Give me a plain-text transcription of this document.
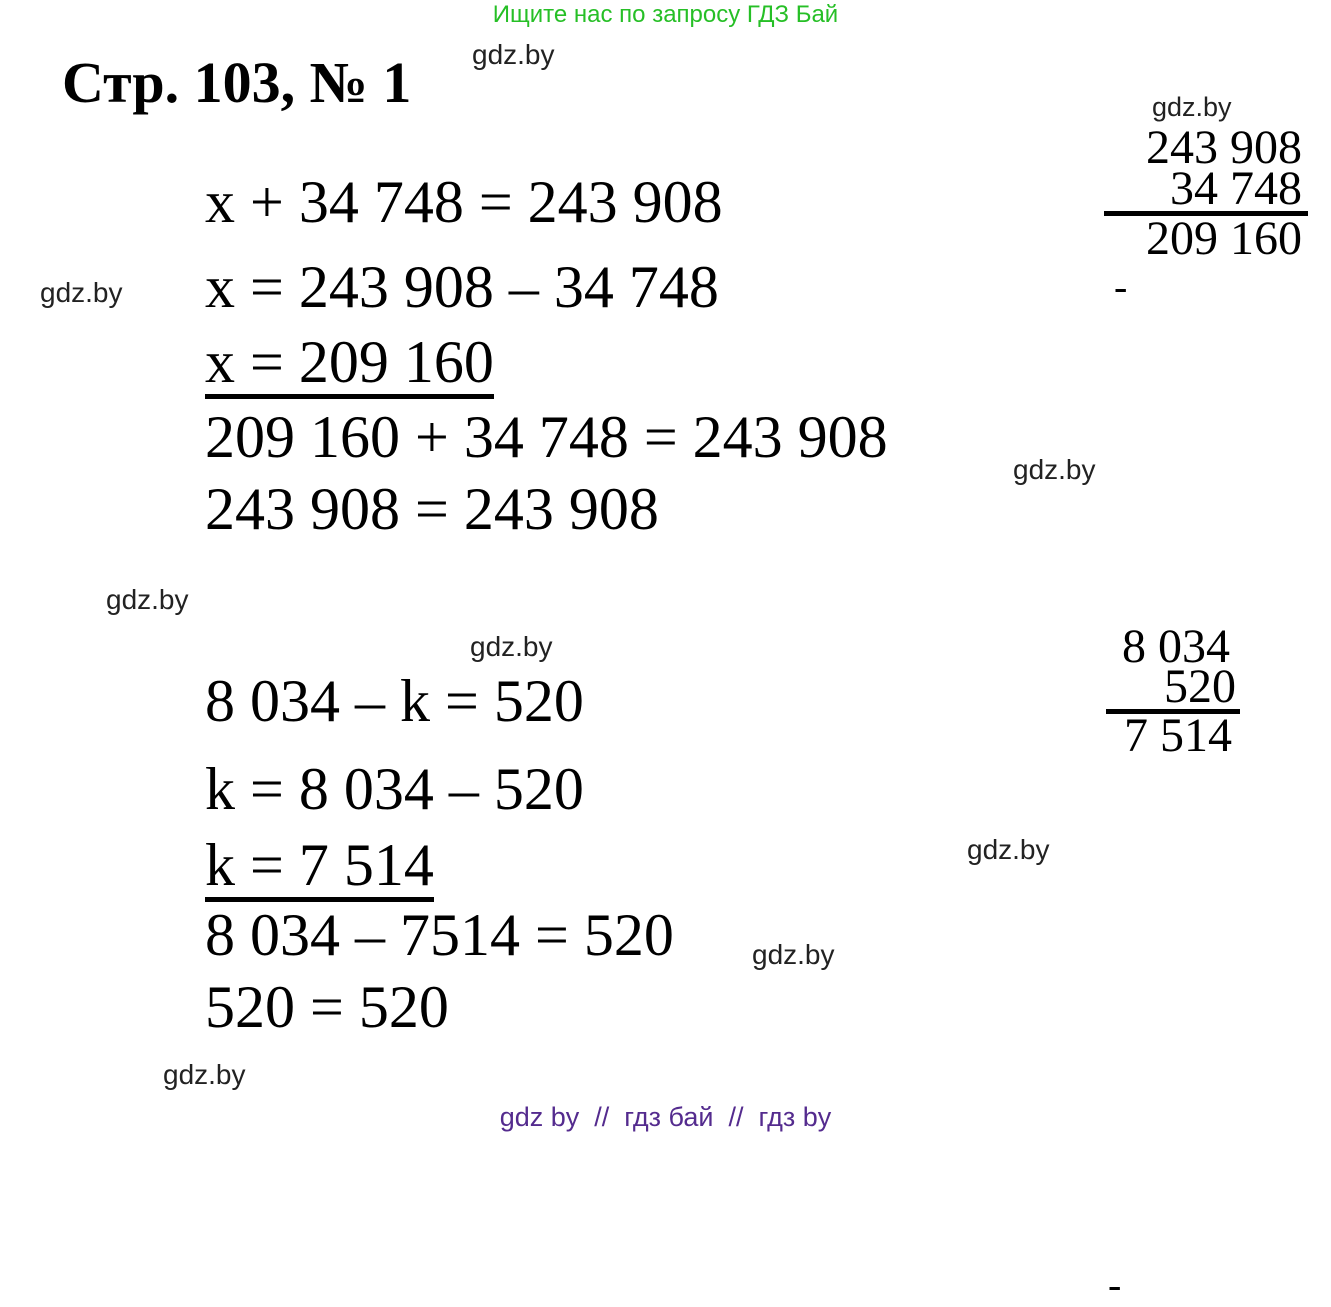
Ищите нас по запросу ГДЗ Бай
gdz.by
Стр. 103, № 1	gdz.by
x + 34 748 = 243 908
x = 243 908 – 34 748
x = 209 160
209 160 + 34 748 = 243 908
243 908 = 243 908
-
243 908
34 748
209 160
gdz.by
gdz.by
gdz.by
gdz.by
8 034 – k = 520
k = 8 034 – 520
k = 7 514
8 034 – 7514 = 520
520 = 520
-
8 034
520
7 514
gdz.by
gdz.by
gdz.by
gdz by  //  гдз бай  //  гдз by
